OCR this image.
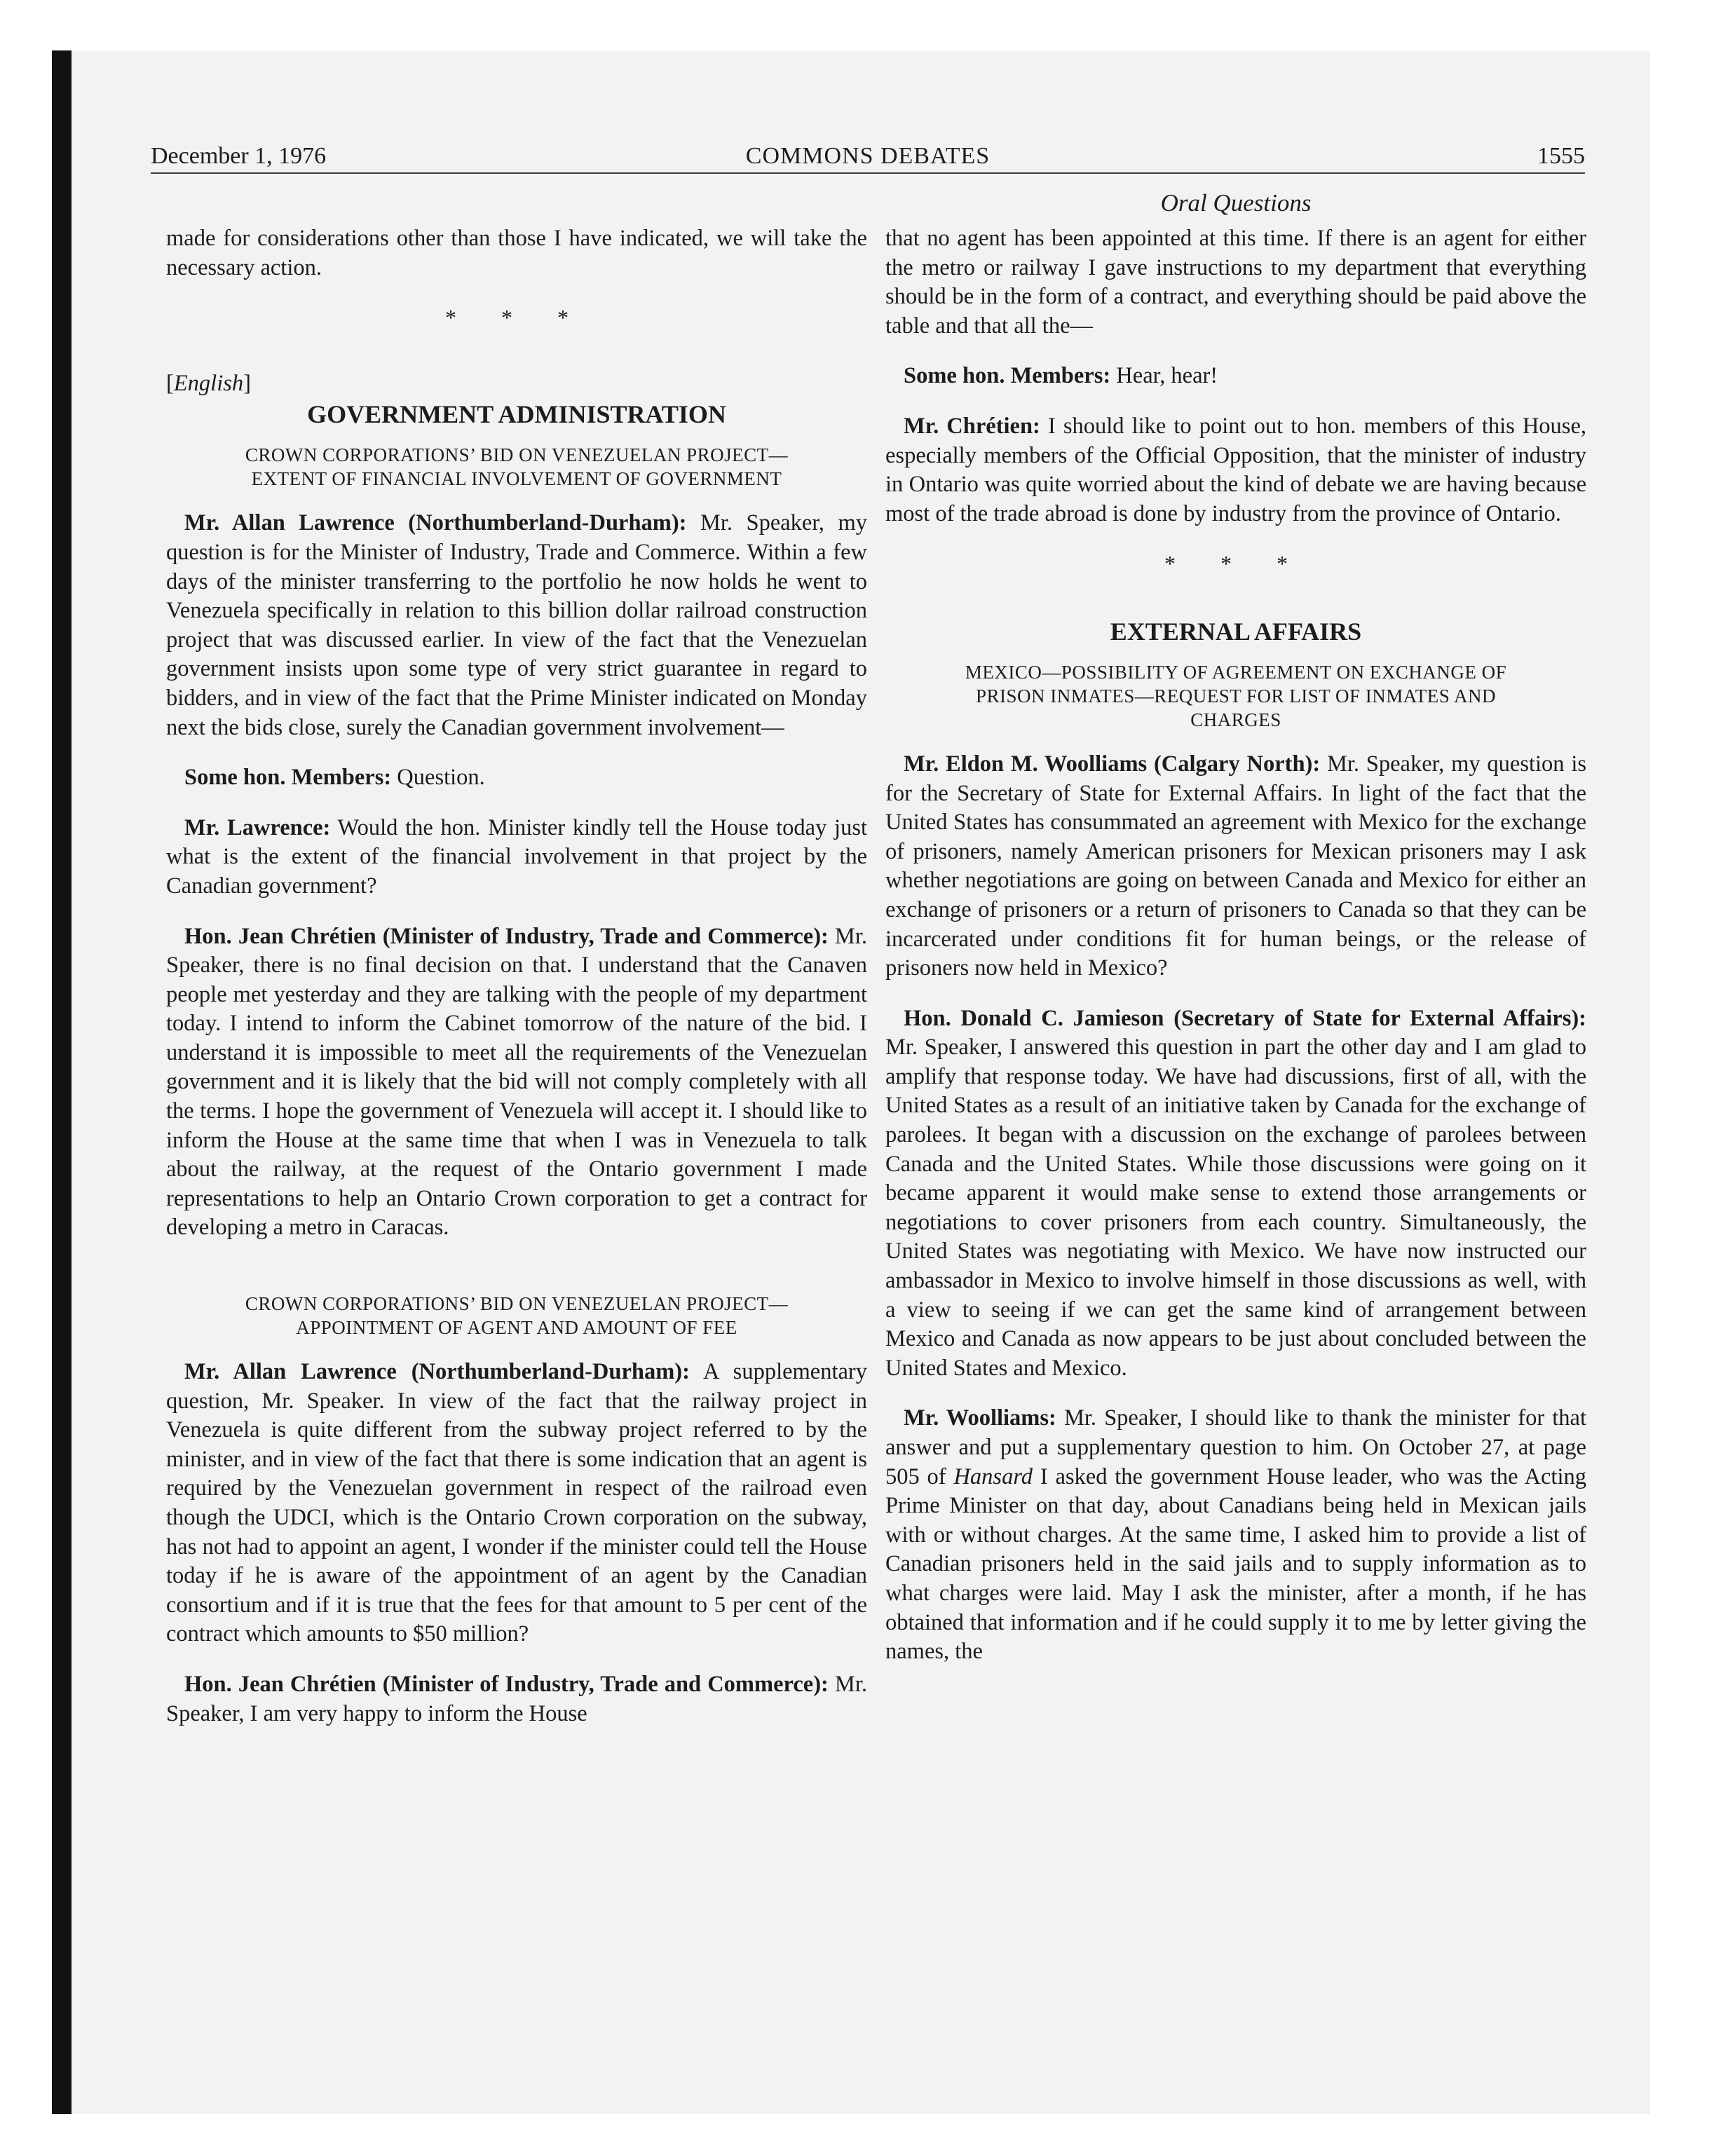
December 1, 1976	COMMONS DEBATES	1555
Oral Questions

made for considerations other than those I have indicated, we will take the necessary action.

* * *
[English]
GOVERNMENT ADMINISTRATION
CROWN CORPORATIONS’ BID ON VENEZUELAN PROJECT—
EXTENT OF FINANCIAL INVOLVEMENT OF GOVERNMENT

Mr. Allan Lawrence (Northumberland-Durham): Mr. Speaker, my question is for the Minister of Industry, Trade and Commerce. Within a few days of the minister transferring to the portfolio he now holds he went to Venezuela specifically in relation to this billion dollar railroad construction project that was discussed earlier. In view of the fact that the Venezuelan government insists upon some type of very strict guarantee in regard to bidders, and in view of the fact that the Prime Minister indicated on Monday next the bids close, surely the Canadian government involvement—

Some hon. Members: Question.

Mr. Lawrence: Would the hon. Minister kindly tell the House today just what is the extent of the financial involvement in that project by the Canadian government?

Hon. Jean Chrétien (Minister of Industry, Trade and Commerce): Mr. Speaker, there is no final decision on that. I understand that the Canaven people met yesterday and they are talking with the people of my department today. I intend to inform the Cabinet tomorrow of the nature of the bid. I understand it is impossible to meet all the requirements of the Venezuelan government and it is likely that the bid will not comply completely with all the terms. I hope the government of Venezuela will accept it. I should like to inform the House at the same time that when I was in Venezuela to talk about the railway, at the request of the Ontario government I made representations to help an Ontario Crown corporation to get a contract for developing a metro in Caracas.

CROWN CORPORATIONS’ BID ON VENEZUELAN PROJECT—
APPOINTMENT OF AGENT AND AMOUNT OF FEE

Mr. Allan Lawrence (Northumberland-Durham): A supplementary question, Mr. Speaker. In view of the fact that the railway project in Venezuela is quite different from the subway project referred to by the minister, and in view of the fact that there is some indication that an agent is required by the Venezuelan government in respect of the railroad even though the UDCI, which is the Ontario Crown corporation on the subway, has not had to appoint an agent, I wonder if the minister could tell the House today if he is aware of the appointment of an agent by the Canadian consortium and if it is true that the fees for that amount to 5 per cent of the contract which amounts to $50 million?

Hon. Jean Chrétien (Minister of Industry, Trade and Commerce): Mr. Speaker, I am very happy to inform the House

that no agent has been appointed at this time. If there is an agent for either the metro or railway I gave instructions to my department that everything should be in the form of a contract, and everything should be paid above the table and that all the—

Some hon. Members: Hear, hear!

Mr. Chrétien: I should like to point out to hon. members of this House, especially members of the Official Opposition, that the minister of industry in Ontario was quite worried about the kind of debate we are having because most of the trade abroad is done by industry from the province of Ontario.

* * *
EXTERNAL AFFAIRS
MEXICO—POSSIBILITY OF AGREEMENT ON EXCHANGE OF
PRISON INMATES—REQUEST FOR LIST OF INMATES AND
CHARGES

Mr. Eldon M. Woolliams (Calgary North): Mr. Speaker, my question is for the Secretary of State for External Affairs. In light of the fact that the United States has consummated an agreement with Mexico for the exchange of prisoners, namely American prisoners for Mexican prisoners may I ask whether negotiations are going on between Canada and Mexico for either an exchange of prisoners or a return of prisoners to Canada so that they can be incarcerated under conditions fit for human beings, or the release of prisoners now held in Mexico?

Hon. Donald C. Jamieson (Secretary of State for External Affairs): Mr. Speaker, I answered this question in part the other day and I am glad to amplify that response today. We have had discussions, first of all, with the United States as a result of an initiative taken by Canada for the exchange of parolees. It began with a discussion on the exchange of parolees between Canada and the United States. While those discussions were going on it became apparent it would make sense to extend those arrangements or negotiations to cover prisoners from each country. Simultaneously, the United States was negotiating with Mexico. We have now instructed our ambassador in Mexico to involve himself in those discussions as well, with a view to seeing if we can get the same kind of arrangement between Mexico and Canada as now appears to be just about concluded between the United States and Mexico.

Mr. Woolliams: Mr. Speaker, I should like to thank the minister for that answer and put a supplementary question to him. On October 27, at page 505 of Hansard I asked the government House leader, who was the Acting Prime Minister on that day, about Canadians being held in Mexican jails with or without charges. At the same time, I asked him to provide a list of Canadian prisoners held in the said jails and to supply information as to what charges were laid. May I ask the minister, after a month, if he has obtained that information and if he could supply it to me by letter giving the names, the
